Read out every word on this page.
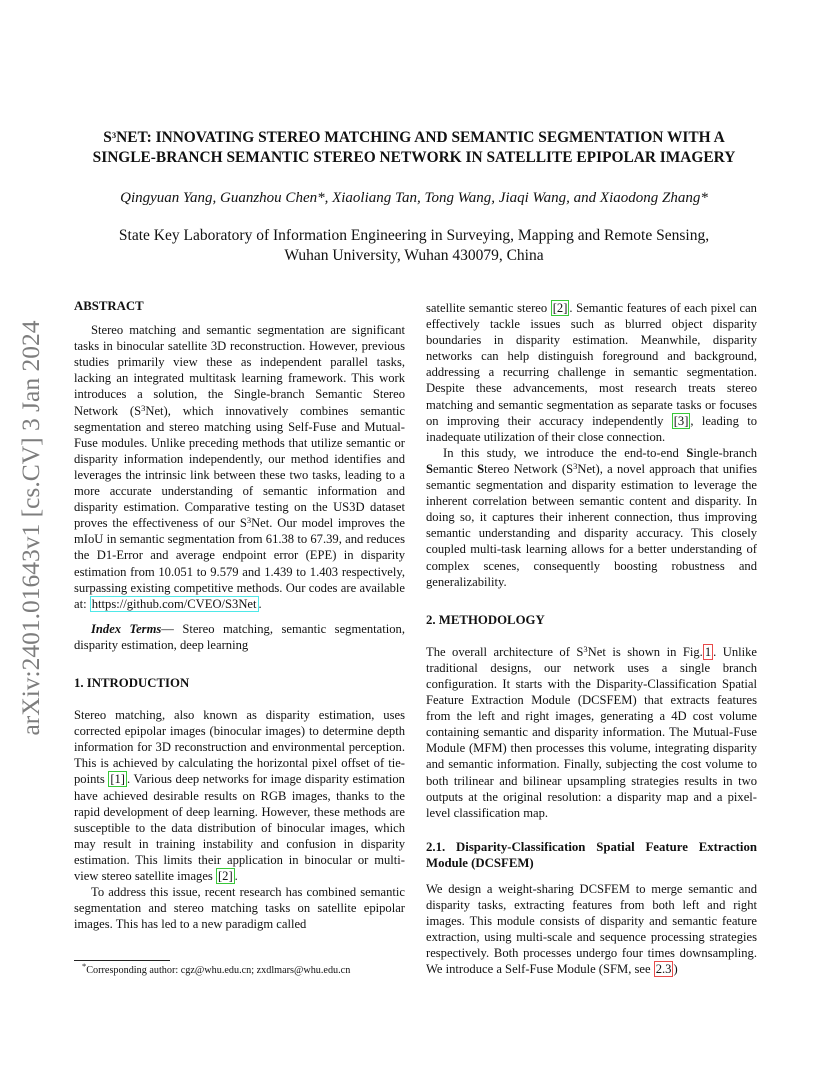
arXiv:2401.01643v1 [cs.CV] 3 Jan 2024
$S^3NET$: INNOVATING STEREO MATCHING AND SEMANTIC SEGMENTATION WITH A
SINGLE-BRANCH SEMANTIC STEREO NETWORK IN SATELLITE EPIPOLAR IMAGERY
Qingyuan Yang, Guanzhou Chen*, Xiaoliang Tan, Tong Wang, Jiaqi Wang, and Xiaodong Zhang*
State Key Laboratory of Information Engineering in Surveying, Mapping and Remote Sensing,
Wuhan University, Wuhan 430079, China

ABSTRACT

Stereo matching and semantic segmentation are significant tasks in binocular satellite 3D reconstruction. However, previous studies primarily view these as independent parallel tasks, lacking an integrated multitask learning framework. This work introduces a solution, the Single-branch Semantic Stereo Network $(S^3Net)$, which innovatively combines semantic segmentation and stereo matching using Self-Fuse and Mutual-Fuse modules. Unlike preceding methods that utilize semantic or disparity information independently, our method identifies and leverages the intrinsic link between these two tasks, leading to a more accurate understanding of semantic information and disparity estimation. Comparative testing on the US3D dataset proves the effectiveness of our $S^3Net$. Our model improves the mIoU in semantic segmentation from 61.38 to 67.39, and reduces the D1-Error and average endpoint error (EPE) in disparity estimation from 10.051 to 9.579 and 1.439 to 1.403 respectively, surpassing existing competitive methods. Our codes are available at: https://github.com/CVEO/S3Net .

Index Terms— Stereo matching, semantic segmentation, disparity estimation, deep learning

1. INTRODUCTION

Stereo matching, also known as disparity estimation, uses corrected epipolar images (binocular images) to determine depth information for 3D reconstruction and environmental perception. This is achieved by calculating the horizontal pixel offset of tie-points [1] . Various deep networks for image disparity estimation have achieved desirable results on RGB images, thanks to the rapid development of deep learning. However, these methods are susceptible to the data distribution of binocular images, which may result in training instability and confusion in disparity estimation. This limits their application in binocular or multi-view stereo satellite images [2] .

To address this issue, recent research has combined semantic segmentation and stereo matching tasks on satellite epipolar images. This has led to a new paradigm called

satellite semantic stereo [2] . Semantic features of each pixel can effectively tackle issues such as blurred object disparity boundaries in disparity estimation. Meanwhile, disparity networks can help distinguish foreground and background, addressing a recurring challenge in semantic segmentation. Despite these advancements, most research treats stereo matching and semantic segmentation as separate tasks or focuses on improving their accuracy independently [3] , leading to inadequate utilization of their close connection.

In this study, we introduce the end-to-end Single-branch Semantic Stereo Network $(S^3Net)$, a novel approach that unifies semantic segmentation and disparity estimation to leverage the inherent correlation between semantic content and disparity. In doing so, it captures their inherent connection, thus improving semantic understanding and disparity accuracy. This closely coupled multi-task learning allows for a better understanding of complex scenes, consequently boosting robustness and generalizability.

2. METHODOLOGY

The overall architecture of $S^3Net$ is shown in Fig. 1 . Unlike traditional designs, our network uses a single branch configuration. It starts with the Disparity-Classification Spatial Feature Extraction Module (DCSFEM) that extracts features from the left and right images, generating a 4D cost volume containing semantic and disparity information. The Mutual-Fuse Module (MFM) then processes this volume, integrating disparity and semantic information. Finally, subjecting the cost volume to both trilinear and bilinear upsampling strategies results in two outputs at the original resolution: a disparity map and a pixel-level classification map.

2.1. Disparity-Classification Spatial Feature Extraction Module (DCSFEM)

We design a weight-sharing DCSFEM to merge semantic and disparity tasks, extracting features from both left and right images. This module consists of disparity and semantic feature extraction, using multi-scale and sequence processing strategies respectively. Both processes undergo four times downsampling. We introduce a Self-Fuse Module (SFM, see 2.3 )

*Corresponding author: cgz@whu.edu.cn; zxdlmars@whu.edu.cn
